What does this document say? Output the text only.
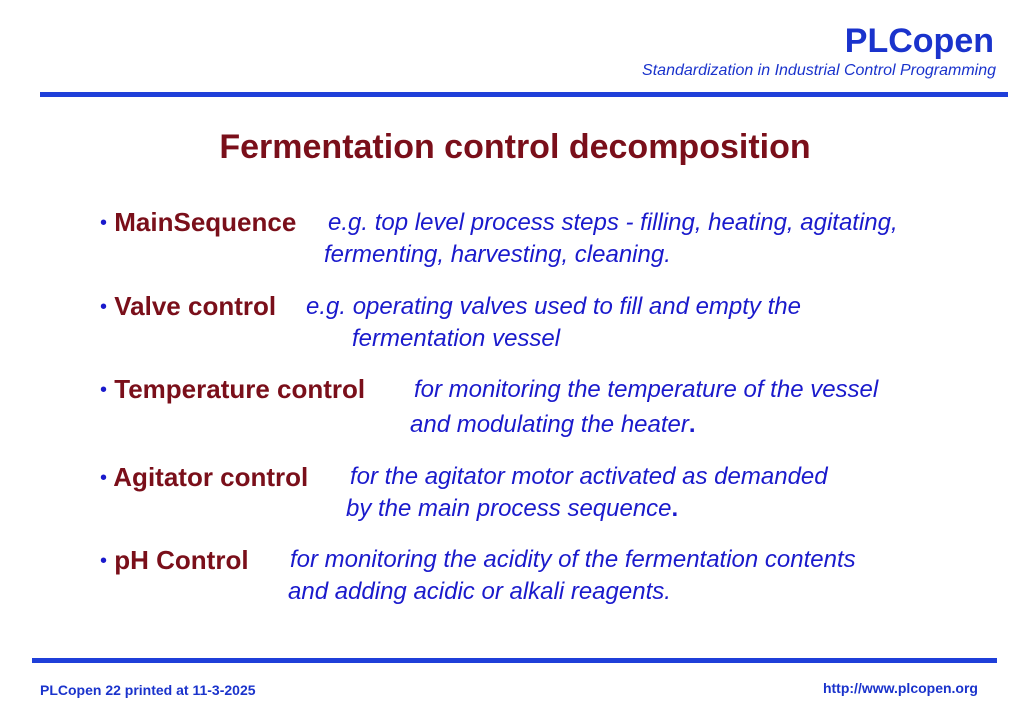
PLCopen
Standardization in Industrial Control Programming
Fermentation control decomposition
• MainSequence e.g. top level process steps - filling, heating, agitating,
fermenting, harvesting, cleaning.
• Valve control e.g. operating valves used to fill and empty the
fermentation vessel
• Temperature control for monitoring the temperature of the vessel
and modulating the heater.
• Agitator control for the agitator motor activated as demanded
by the main process sequence.
• pH Control for monitoring the acidity of the fermentation contents
and adding acidic or alkali reagents.
PLCopen 22 printed at 11-3-2025	http://www.plcopen.org
